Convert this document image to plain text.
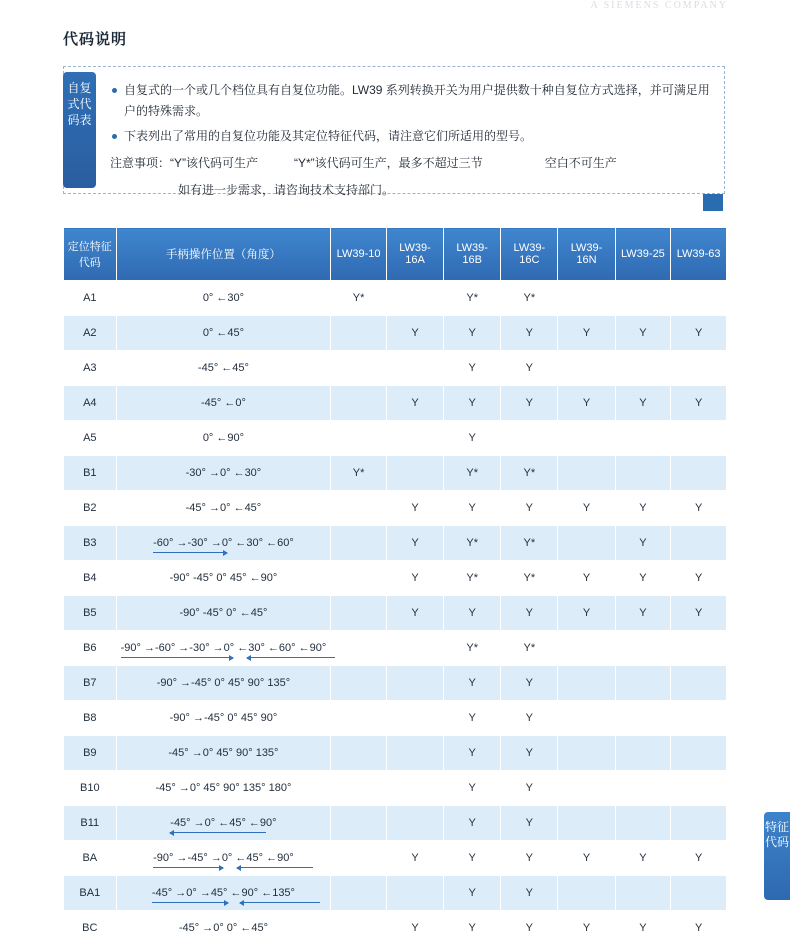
A SIEMENS COMPANY
代码说明
自复式代码表
自复式的一个或几个档位具有自复位功能。LW39 系列转换开关为用户提供数十种自复位方式选择，并可满足用户的特殊需求。
下表列出了常用的自复位功能及其定位特征代码，请注意它们所适用的型号。
注意事项：“Y”该代码可生产	“Y*”该代码可生产，最多不超过三节	空白不可生产
如有进一步需求，请咨询技术支持部门。
定位特征代码	手柄操作位置（角度）	LW39-10	LW39-16A	LW39-16B	LW39-16C	LW39-16N	LW39-25	LW39-63
A1	0° ←30°	Y*		Y*	Y*			
A2	0° ←45°		Y	Y	Y	Y	Y	Y
A3	-45° ←45°			Y	Y			
A4	-45° ←0°		Y	Y	Y	Y	Y	Y
A5	0° ←90°			Y				
B1	-30° →0° ←30°	Y*		Y*	Y*			
B2	-45° →0° ←45°		Y	Y	Y	Y	Y	Y
B3	-60° →-30° →0° ←30° ←60°		Y	Y*	Y*		Y	
B4	-90° -45° 0° 45° ←90°		Y	Y*	Y*	Y	Y	Y
B5	-90° -45° 0° ←45°		Y	Y	Y	Y	Y	Y
B6	-90° →-60° →-30° →0° ←30° ←60° ←90°			Y*	Y*			
B7	-90° →-45° 0° 45° 90° 135°			Y	Y			
B8	-90° →-45° 0° 45° 90°			Y	Y			
B9	-45° →0° 45° 90° 135°			Y	Y			
B10	-45° →0° 45° 90° 135° 180°			Y	Y			
B11	-45° →0° ←45° ←90°			Y	Y			
BA	-90° →-45° →0° ←45° ←90°		Y	Y	Y	Y	Y	Y
BA1	-45° →0° →45° ←90° ←135°			Y	Y			
BC	-45° →0° 0° ←45°		Y	Y	Y	Y	Y	Y
特征代码
